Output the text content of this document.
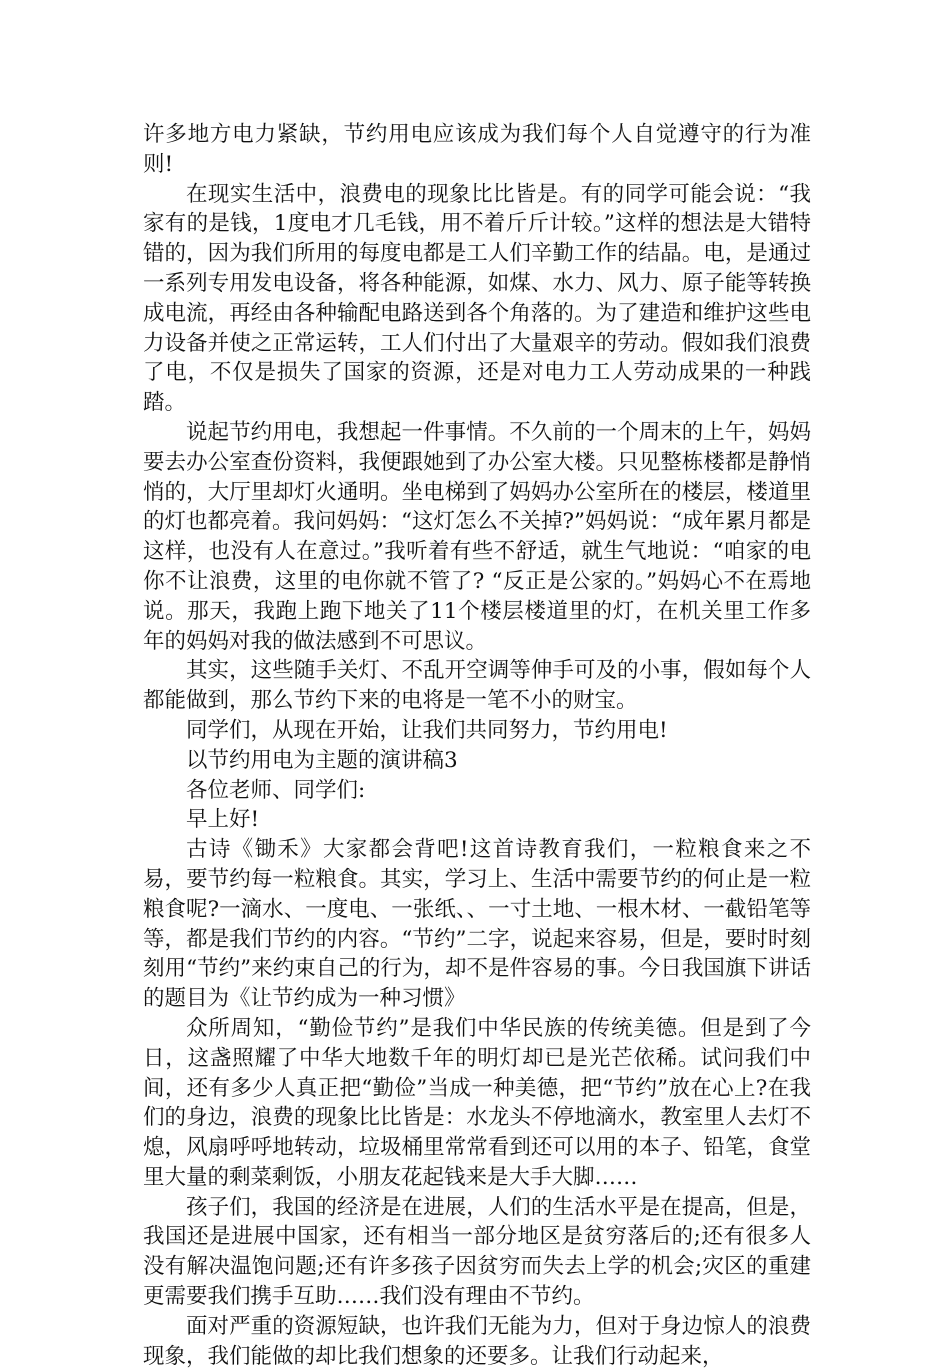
许多地方电力紧缺，节约用电应该成为我们每个人自觉遵守的行为准则!

在现实生活中，浪费电的现象比比皆是。有的同学可能会说：“我家有的是钱，1度电才几毛钱，用不着斤斤计较。”这样的想法是大错特错的，因为我们所用的每度电都是工人们辛勤工作的结晶。电，是通过一系列专用发电设备，将各种能源，如煤、水力、风力、原子能等转换成电流，再经由各种输配电路送到各个角落的。为了建造和维护这些电力设备并使之正常运转，工人们付出了大量艰辛的劳动。假如我们浪费了电，不仅是损失了国家的资源，还是对电力工人劳动成果的一种践踏。

说起节约用电，我想起一件事情。不久前的一个周末的上午，妈妈要去办公室查份资料，我便跟她到了办公室大楼。只见整栋楼都是静悄悄的，大厅里却灯火通明。坐电梯到了妈妈办公室所在的楼层，楼道里的灯也都亮着。我问妈妈：“这灯怎么不关掉?”妈妈说：“成年累月都是这样，也没有人在意过。”我听着有些不舒适，就生气地说：“咱家的电你不让浪费，这里的电你就不管了? “反正是公家的。”妈妈心不在焉地说。那天，我跑上跑下地关了11个楼层楼道里的灯，在机关里工作多年的妈妈对我的做法感到不可思议。

其实，这些随手关灯、不乱开空调等伸手可及的小事，假如每个人都能做到，那么节约下来的电将是一笔不小的财宝。

同学们，从现在开始，让我们共同努力，节约用电!

以节约用电为主题的演讲稿3

各位老师、同学们:

早上好!

古诗《锄禾》大家都会背吧!这首诗教育我们，一粒粮食来之不易，要节约每一粒粮食。其实，学习上、生活中需要节约的何止是一粒粮食呢?一滴水、一度电、一张纸、、一寸土地、一根木材、一截铅笔等等，都是我们节约的内容。“节约”二字，说起来容易，但是，要时时刻刻用“节约”来约束自己的行为，却不是件容易的事。今日我国旗下讲话的题目为《让节约成为一种习惯》

众所周知，“勤俭节约”是我们中华民族的传统美德。但是到了今日，这盏照耀了中华大地数千年的明灯却已是光芒依稀。试问我们中间，还有多少人真正把“勤俭”当成一种美德，把“节约”放在心上?在我们的身边，浪费的现象比比皆是：水龙头不停地滴水，教室里人去灯不熄，风扇呼呼地转动，垃圾桶里常常看到还可以用的本子、铅笔，食堂里大量的剩菜剩饭，小朋友花起钱来是大手大脚……

孩子们，我国的经济是在进展，人们的生活水平是在提高，但是，我国还是进展中国家，还有相当一部分地区是贫穷落后的;还有很多人没有解决温饱问题;还有许多孩子因贫穷而失去上学的机会;灾区的重建更需要我们携手互助……我们没有理由不节约。

面对严重的资源短缺，也许我们无能为力，但对于身边惊人的浪费现象，我们能做的却比我们想象的还要多。让我们行动起来，
